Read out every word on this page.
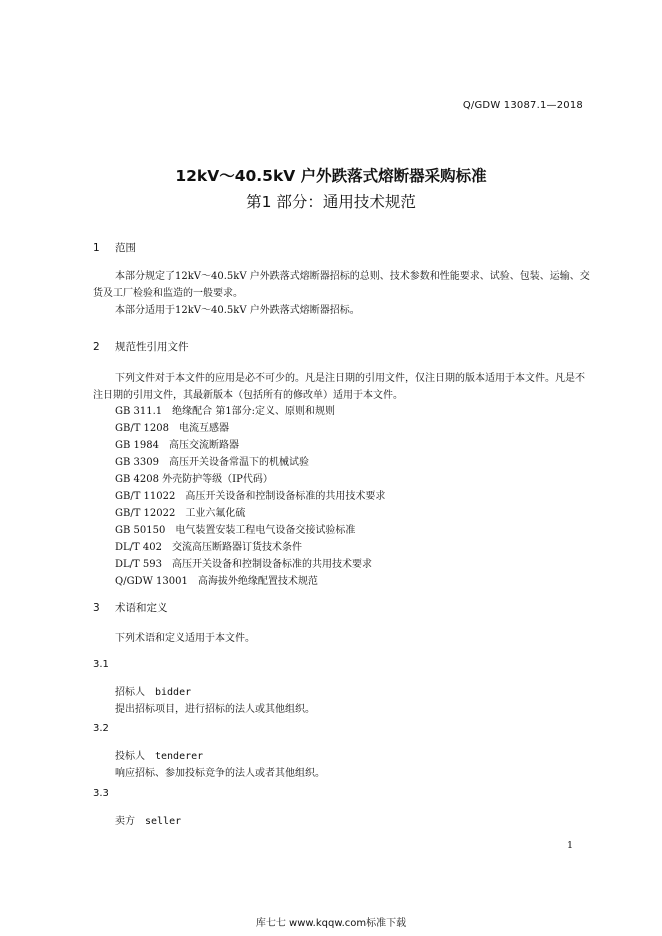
Q/GDW 13087.1—2018
12kV～40.5kV 户外跌落式熔断器采购标准
第1 部分：通用技术规范
1 范围

本部分规定了12kV～40.5kV 户外跌落式熔断器招标的总则、技术参数和性能要求、试验、包装、运输、交货及工厂检验和监造的一般要求。

本部分适用于12kV～40.5kV 户外跌落式熔断器招标。

2 规范性引用文件

下列文件对于本文件的应用是必不可少的。凡是注日期的引用文件，仅注日期的版本适用于本文件。凡是不注日期的引用文件，其最新版本（包括所有的修改单）适用于本文件。

GB 311.1　绝缘配合 第1部分:定义、原则和规则
GB/T 1208　电流互感器
GB 1984　高压交流断路器
GB 3309　高压开关设备常温下的机械试验
GB 4208 外壳防护等级（IP代码）
GB/T 11022　高压开关设备和控制设备标准的共用技术要求
GB/T 12022　工业六氟化硫
GB 50150　电气装置安装工程电气设备交接试验标准
DL/T 402　交流高压断路器订货技术条件
DL/T 593　高压开关设备和控制设备标准的共用技术要求
Q/GDW 13001　高海拔外绝缘配置技术规范
3 术语和定义

下列术语和定义适用于本文件。

3.1
招标人 bidder
提出招标项目，进行招标的法人或其他组织。
3.2
投标人 tenderer
响应招标、参加投标竞争的法人或者其他组织。
3.3
卖方 seller
1
库七七 www.kqqw.com标准下载
